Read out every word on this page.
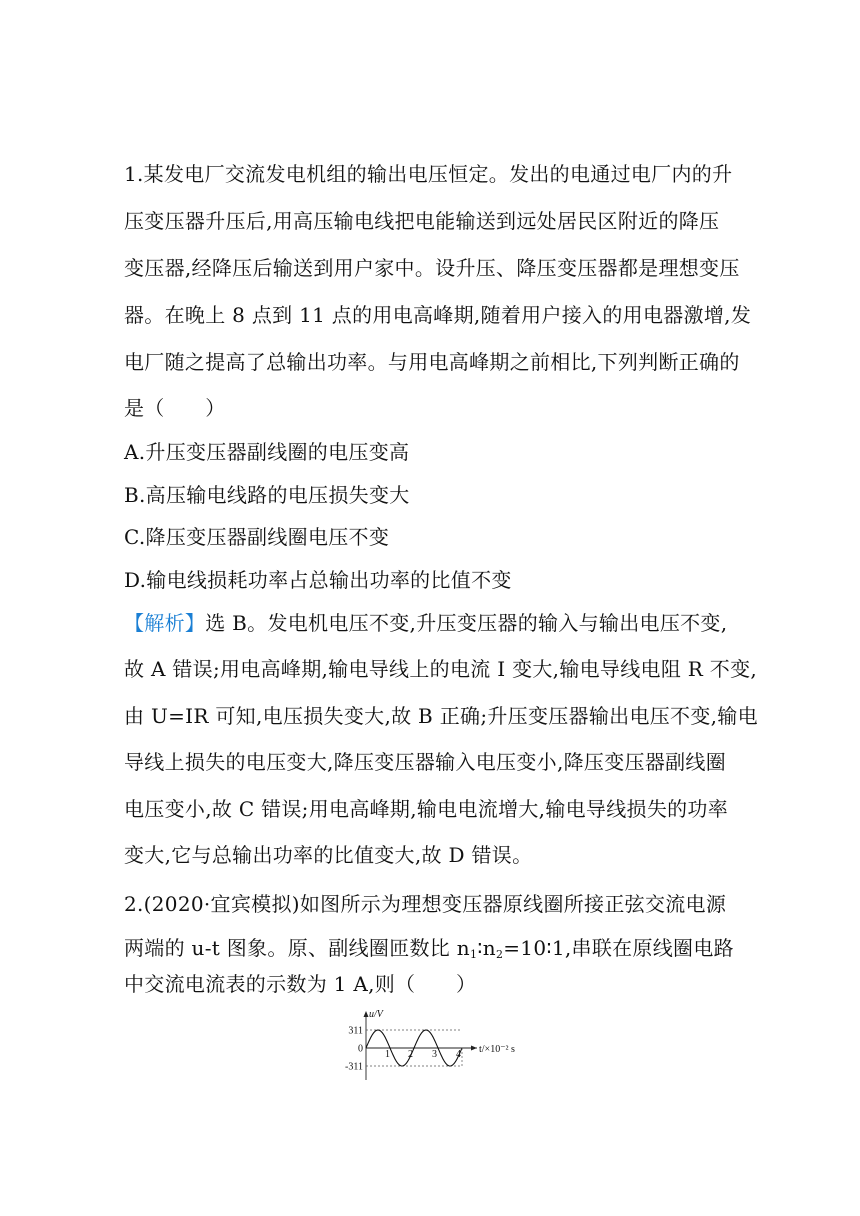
1.某发电厂交流发电机组的输出电压恒定。发出的电通过电厂内的升
压变压器升压后,用高压输电线把电能输送到远处居民区附近的降压
变压器,经降压后输送到用户家中。设升压、降压变压器都是理想变压
器。在晚上 8 点到 11 点的用电高峰期,随着用户接入的用电器激增,发
电厂随之提高了总输出功率。与用电高峰期之前相比,下列判断正确的
是（　　）
A.升压变压器副线圈的电压变高
B.高压输电线路的电压损失变大
C.降压变压器副线圈电压不变
D.输电线损耗功率占总输出功率的比值不变
【解析】选 B。发电机电压不变,升压变压器的输入与输出电压不变,
故 A 错误;用电高峰期,输电导线上的电流 I 变大,输电导线电阻 R 不变,
由 U=IR 可知,电压损失变大,故 B 正确;升压变压器输出电压不变,输电
导线上损失的电压变大,降压变压器输入电压变小,降压变压器副线圈
电压变小,故 C 错误;用电高峰期,输电电流增大,输电导线损失的功率
变大,它与总输出功率的比值变大,故 D 错误。
2.(2020·宜宾模拟)如图所示为理想变压器原线圈所接正弦交流电源
两端的 u-t 图象。原、副线圈匝数比 $n_1∶n_2=10∶1$,串联在原线圈电路
中交流电流表的示数为 1 A,则（　　）
u/V
311
0
-311
1 2 3 4 t/×10⁻² s
